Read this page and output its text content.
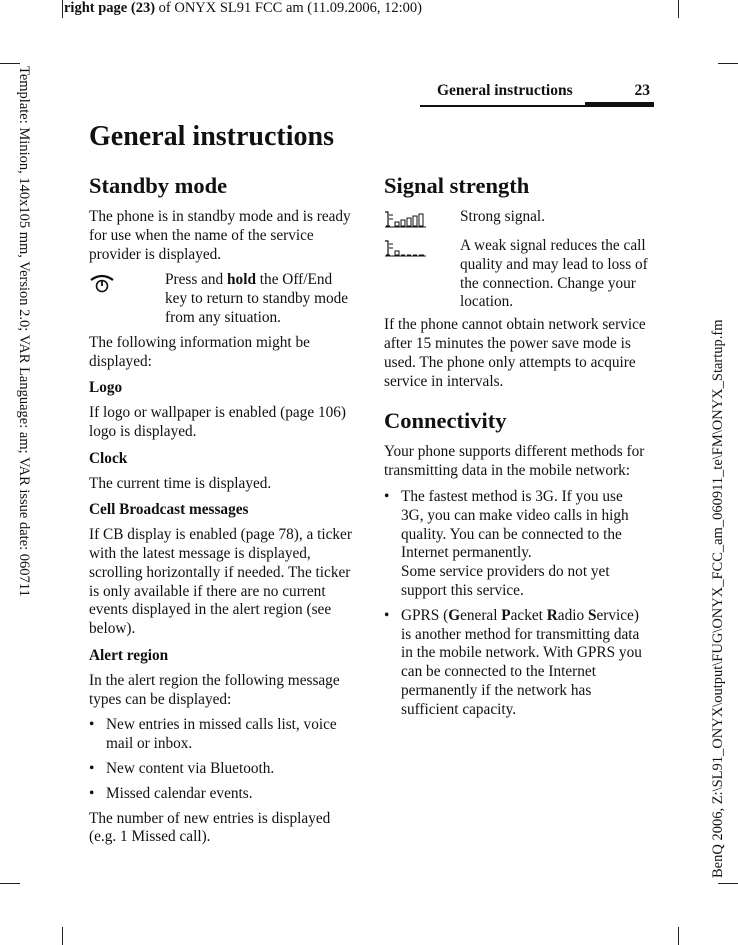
right page (23) of ONYX SL91 FCC am (11.09.2006, 12:00)
Template: Minion, 140x105 mm, Version 2.0; VAR Language: am; VAR issue date: 060711	BenQ 2006, Z:\SL91_ONYX\output\FUG\ONYX_FCC_am_060911_te\FM\ONYX_Startup.fm
General instructions	23
General instructions
Standby mode

The phone is in standby mode and is ready for use when the name of the service provider is displayed.

Press and hold the Off/End key to return to standby mode from any situation.

The following information might be displayed:

Logo

If logo or wallpaper is enabled (page 106) logo is displayed.

Clock

The current time is displayed.

Cell Broadcast messages

If CB display is enabled (page 78), a ticker with the latest message is displayed, scrolling horizontally if needed. The ticker is only available if there are no current events displayed in the alert region (see below).

Alert region

In the alert region the following message types can be displayed:

• New entries in missed calls list, voice mail or inbox.
• New content via Bluetooth.
• Missed calendar events.

The number of new entries is displayed (e.g. 1 Missed call).

Signal strength
Strong signal.
A weak signal reduces the call quality and may lead to loss of the connection. Change your location.

If the phone cannot obtain network service after 15 minutes the power save mode is used. The phone only attempts to acquire service in intervals.

Connectivity

Your phone supports different methods for transmitting data in the mobile network:

• The fastest method is 3G. If you use 3G, you can make video calls in high quality. You can be connected to the Internet permanently.
Some service providers do not yet support this service.
• GPRS (General Packet Radio Service) is another method for transmitting data in the mobile network. With GPRS you can be connected to the Internet permanently if the network has sufficient capacity.
